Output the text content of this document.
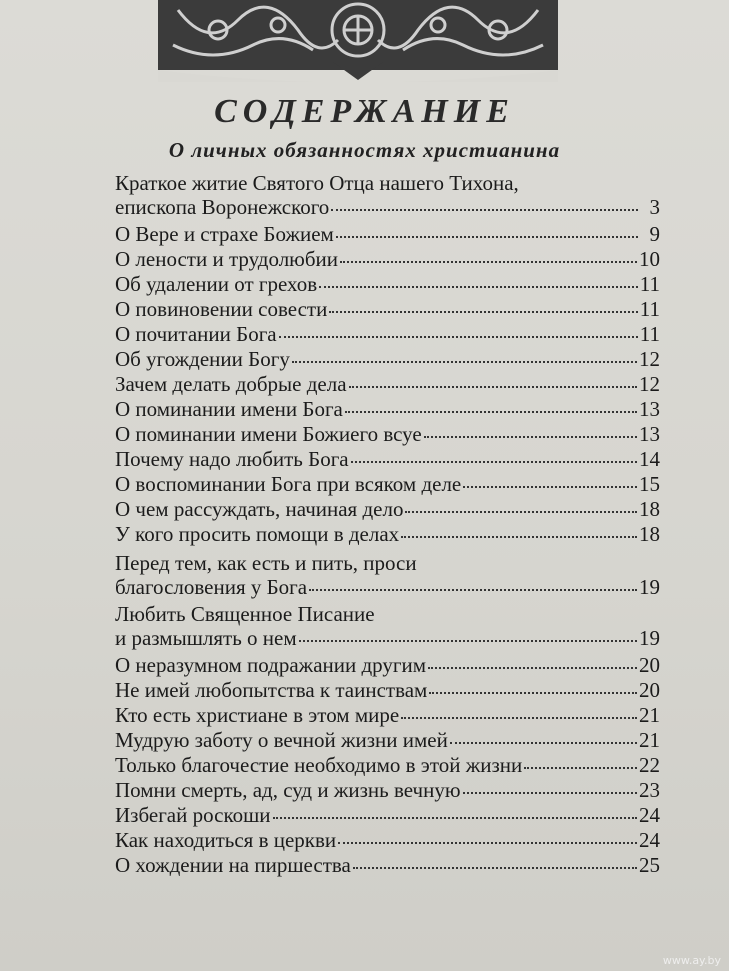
СОДЕРЖАНИЕ
О личных обязанностях христианина
Краткое житие Святого Отца нашего Тихона,
епископа Воронежского	3
О Вере и страхе Божием	9
О лености и трудолюбии	10
Об удалении от грехов	11
О повиновении совести	11
О почитании Бога	11
Об угождении Богу	12
Зачем делать добрые дела	12
О поминании имени Бога	13
О поминании имени Божиего всуе	13
Почему надо любить Бога	14
О воспоминании Бога при всяком деле	15
О чем рассуждать, начиная дело	18
У кого просить помощи в делах	18
Перед тем, как есть и пить, проси
благословения у Бога	19
Любить Священное Писание
и размышлять о нем	19
О неразумном подражании другим	20
Не имей любопытства к таинствам	20
Кто есть христиане в этом мире	21
Мудрую заботу о вечной жизни имей	21
Только благочестие необходимо в этой жизни	22
Помни смерть, ад, суд и жизнь вечную	23
Избегай роскоши	24
Как находиться в церкви	24
О хождении на пиршества	25
www.ay.by
